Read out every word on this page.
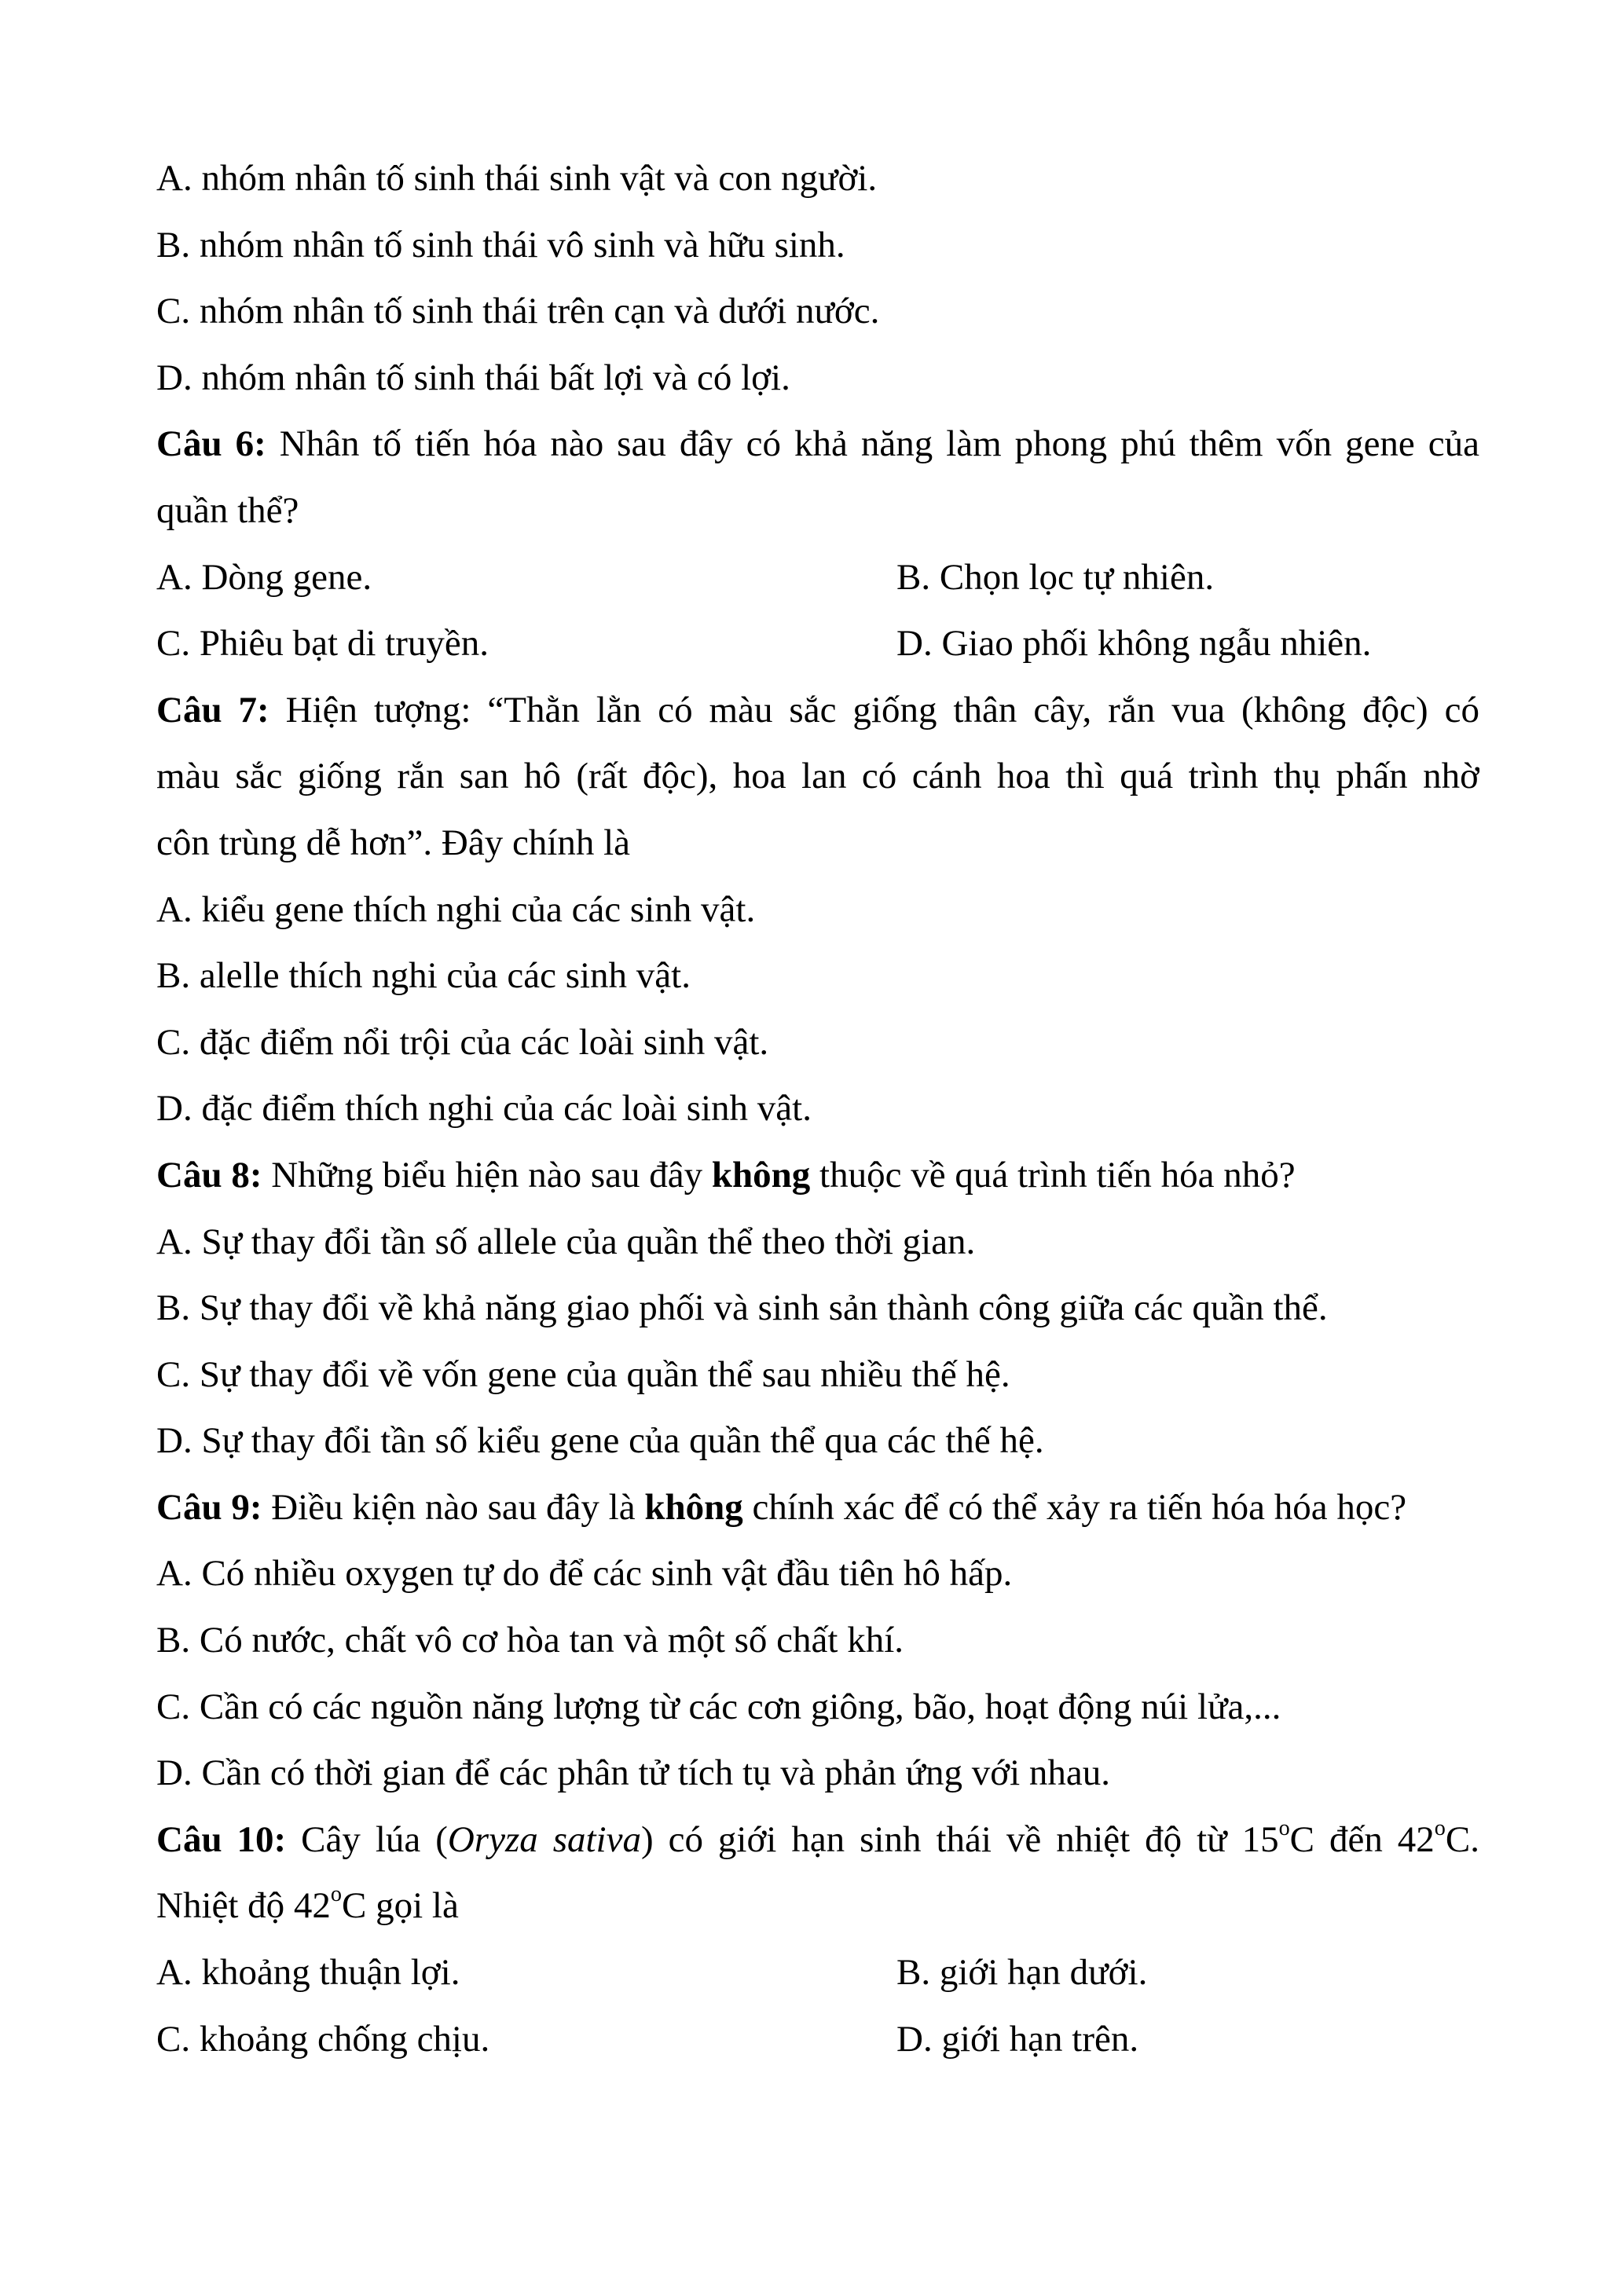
A. nhóm nhân tố sinh thái sinh vật và con người.
B. nhóm nhân tố sinh thái vô sinh và hữu sinh.
C. nhóm nhân tố sinh thái trên cạn và dưới nước.
D. nhóm nhân tố sinh thái bất lợi và có lợi.
Câu 6: Nhân tố tiến hóa nào sau đây có khả năng làm phong phú thêm vốn gene của
quần thể?
A. Dòng gene.	B. Chọn lọc tự nhiên.
C. Phiêu bạt di truyền.	D. Giao phối không ngẫu nhiên.
Câu 7: Hiện tượng: “Thằn lằn có màu sắc giống thân cây, rắn vua (không độc) có
màu sắc giống rắn san hô (rất độc), hoa lan có cánh hoa thì quá trình thụ phấn nhờ
côn trùng dễ hơn”. Đây chính là
A. kiểu gene thích nghi của các sinh vật.
B. alelle thích nghi của các sinh vật.
C. đặc điểm nổi trội của các loài sinh vật.
D. đặc điểm thích nghi của các loài sinh vật.
Câu 8: Những biểu hiện nào sau đây không thuộc về quá trình tiến hóa nhỏ?
A. Sự thay đổi tần số allele của quần thể theo thời gian.
B. Sự thay đổi về khả năng giao phối và sinh sản thành công giữa các quần thể.
C. Sự thay đổi về vốn gene của quần thể sau nhiều thế hệ.
D. Sự thay đổi tần số kiểu gene của quần thể qua các thế hệ.
Câu 9: Điều kiện nào sau đây là không chính xác để có thể xảy ra tiến hóa hóa học?
A. Có nhiều oxygen tự do để các sinh vật đầu tiên hô hấp.
B. Có nước, chất vô cơ hòa tan và một số chất khí.
C. Cần có các nguồn năng lượng từ các cơn giông, bão, hoạt động núi lửa,...
D. Cần có thời gian để các phân tử tích tụ và phản ứng với nhau.
Câu 10: Cây lúa (Oryza sativa) có giới hạn sinh thái về nhiệt độ từ 15$^o$C đến 42$^o$C.
Nhiệt độ 42$^o$C gọi là
A. khoảng thuận lợi.	B. giới hạn dưới.
C. khoảng chống chịu.	D. giới hạn trên.
